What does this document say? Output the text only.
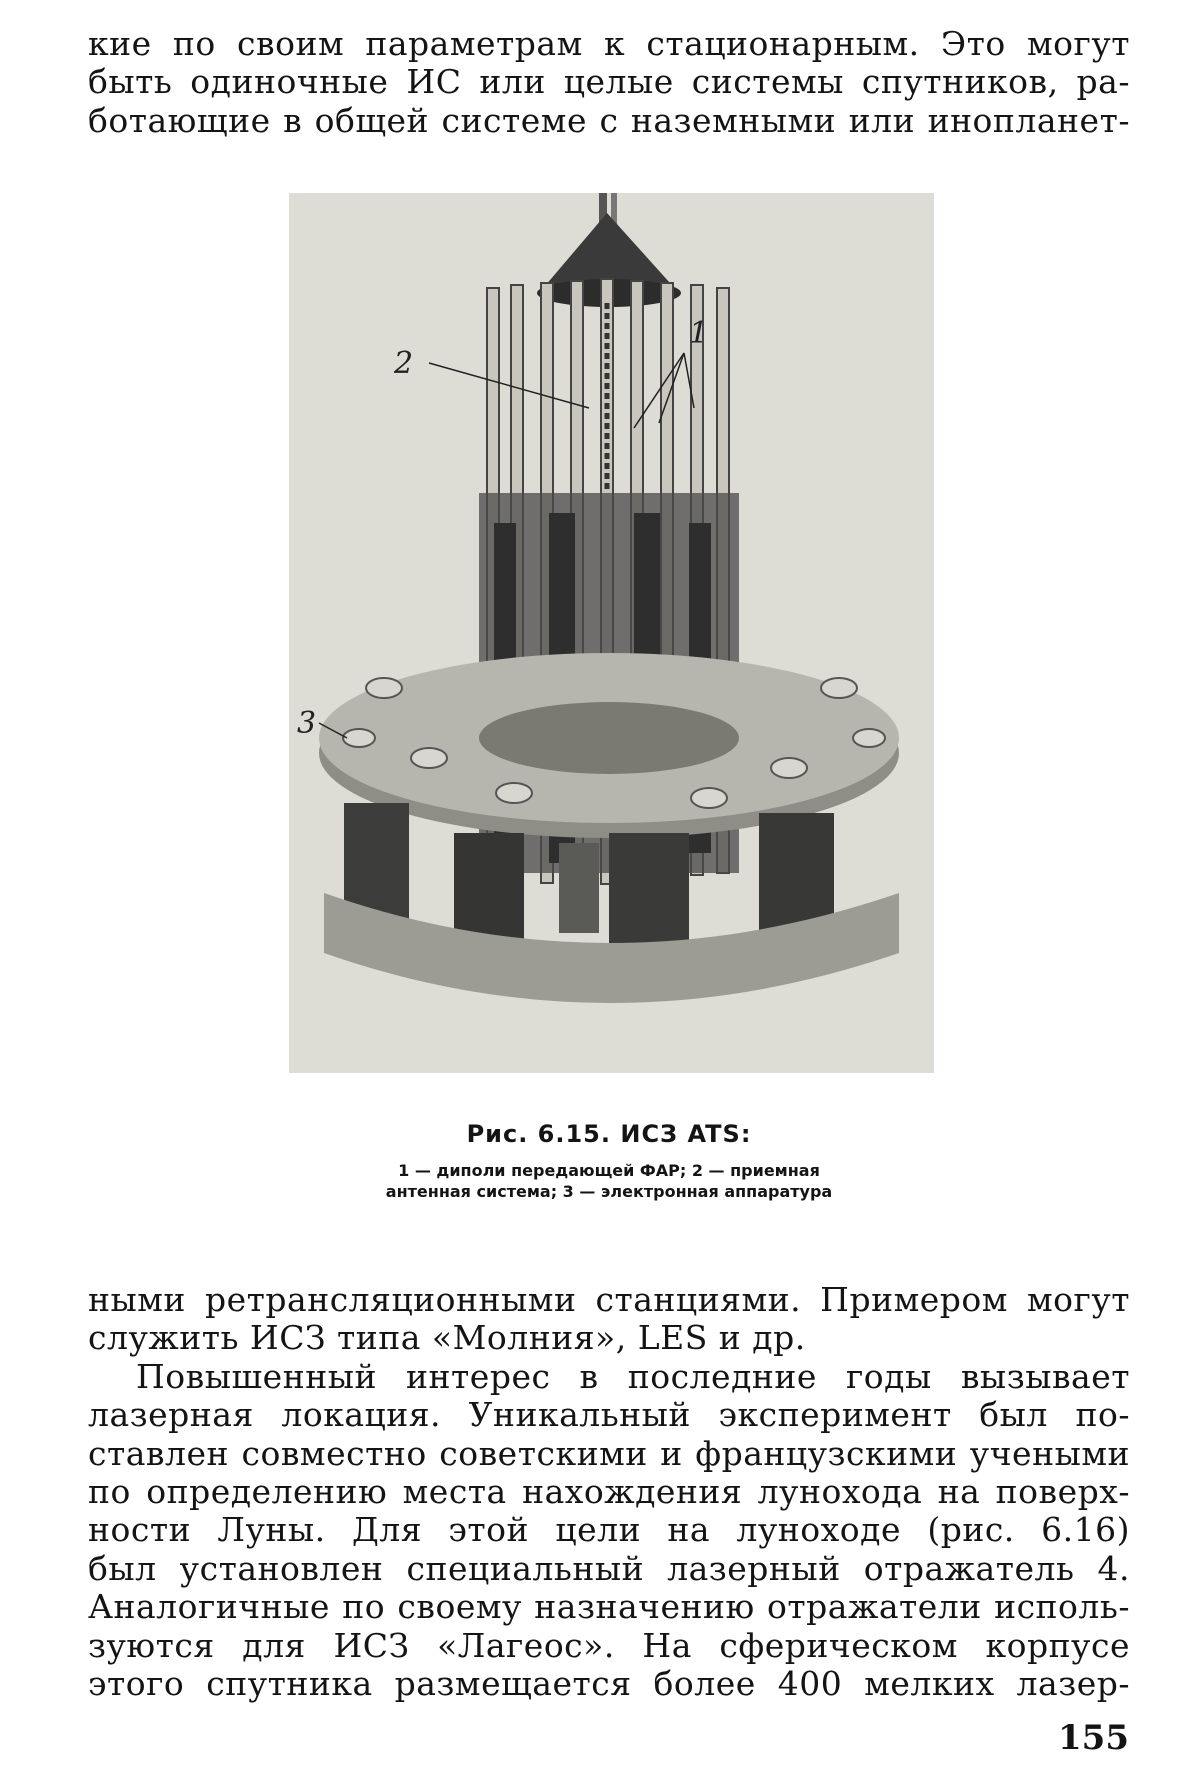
кие по своим параметрам к стационарным. Это могут
быть одиночные ИС или целые системы спутников, ра-
ботающие в общей системе с наземными или инопланет-
1
2
3
Рис. 6.15. ИСЗ ATS:
1 — диполи передающей ФАР; 2 — приемная
антенная система; 3 — электронная аппаратура
ными ретрансляционными станциями. Примером могут
служить ИСЗ типа «Молния», LES и др.
Повышенный интерес в последние годы вызывает
лазерная локация. Уникальный эксперимент был по-
ставлен совместно советскими и французскими учеными
по определению места нахождения лунохода на поверх-
ности Луны. Для этой цели на луноходе (рис. 6.16)
был установлен специальный лазерный отражатель 4.
Аналогичные по своему назначению отражатели исполь-
зуются для ИСЗ «Лагеос». На сферическом корпусе
этого спутника размещается более 400 мелких лазер-
155
